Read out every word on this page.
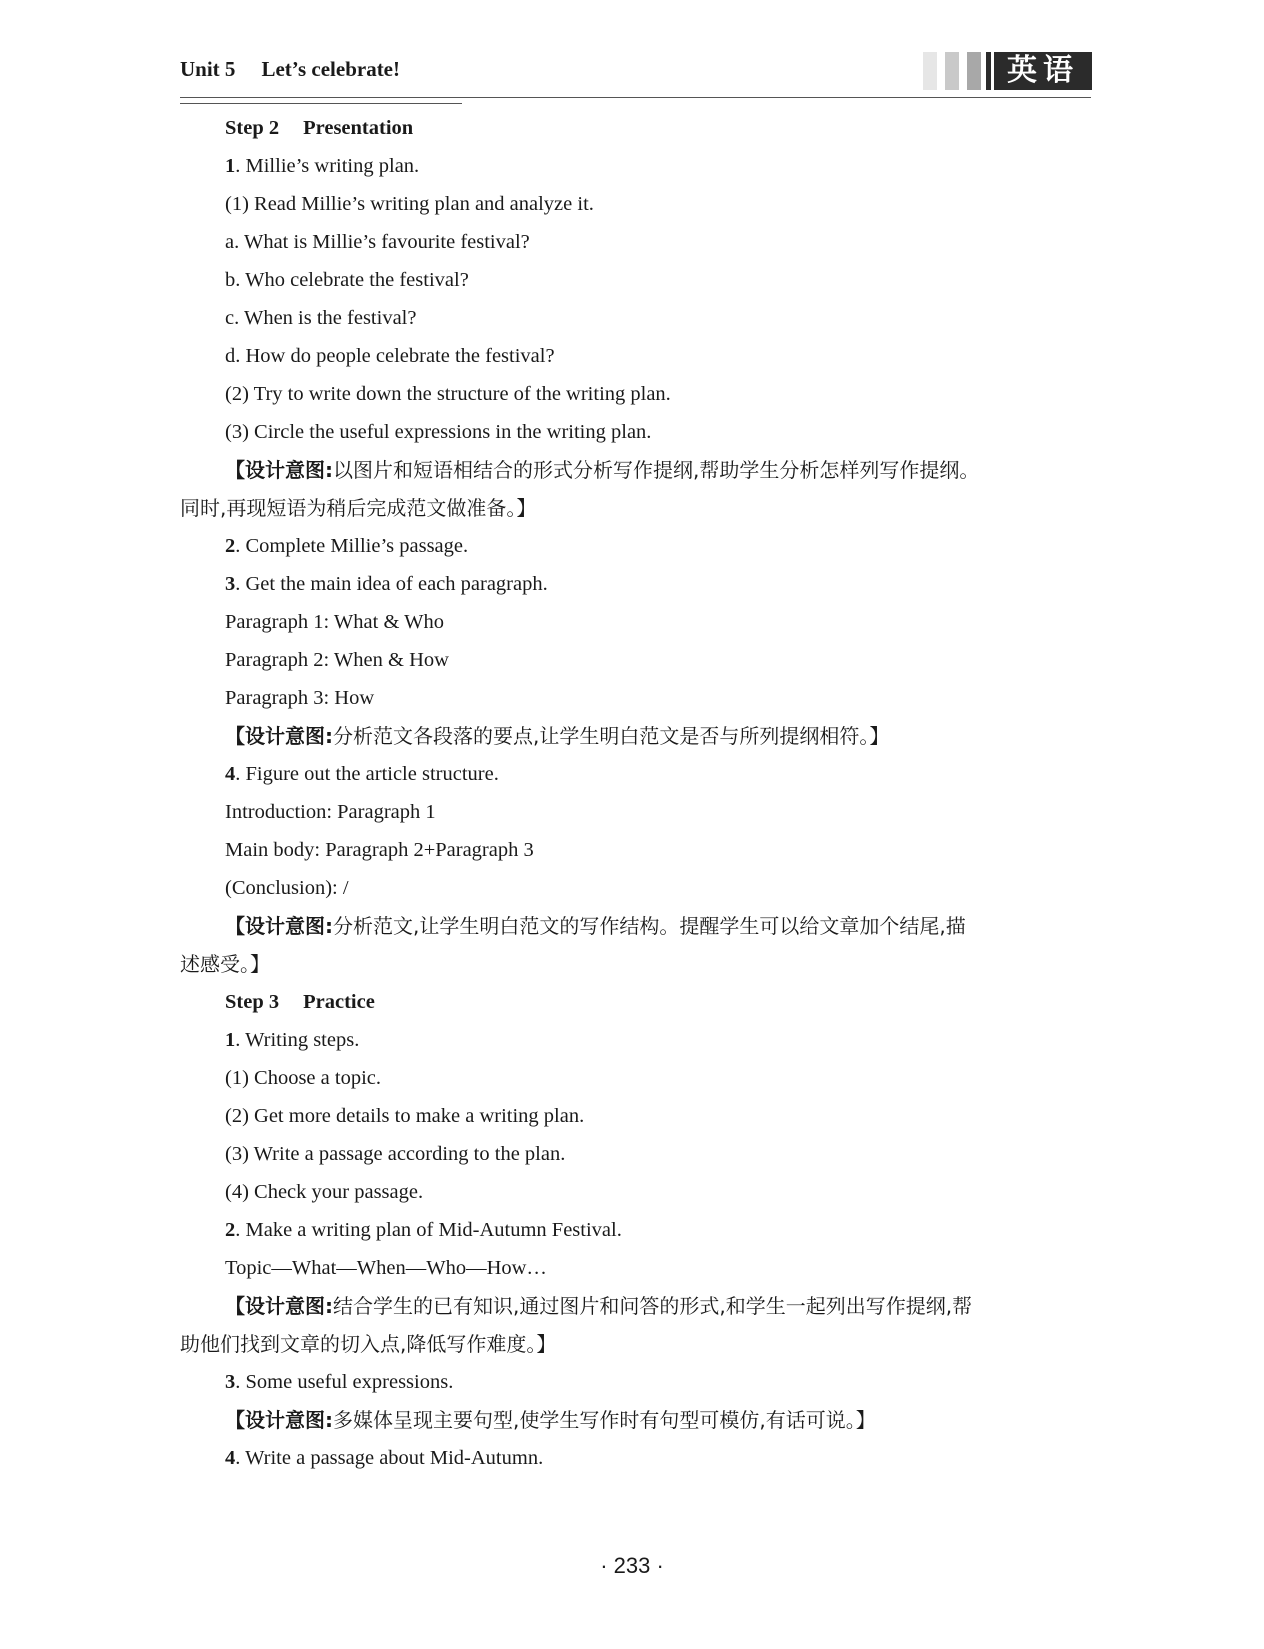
Unit 5 Let’s celebrate!	英语
Step 2 Presentation
1. Millie’s writing plan.
(1) Read Millie’s writing plan and analyze it.
a. What is Millie’s favourite festival?
b. Who celebrate the festival?
c. When is the festival?
d. How do people celebrate the festival?
(2) Try to write down the structure of the writing plan.
(3) Circle the useful expressions in the writing plan.
【设计意图:以图片和短语相结合的形式分析写作提纲,帮助学生分析怎样列写作提纲。
同时,再现短语为稍后完成范文做准备。】
2. Complete Millie’s passage.
3. Get the main idea of each paragraph.
Paragraph 1: What & Who
Paragraph 2: When & How
Paragraph 3: How
【设计意图:分析范文各段落的要点,让学生明白范文是否与所列提纲相符。】
4. Figure out the article structure.
Introduction: Paragraph 1
Main body: Paragraph 2+Paragraph 3
(Conclusion): /
【设计意图:分析范文,让学生明白范文的写作结构。提醒学生可以给文章加个结尾,描
述感受。】
Step 3 Practice
1. Writing steps.
(1) Choose a topic.
(2) Get more details to make a writing plan.
(3) Write a passage according to the plan.
(4) Check your passage.
2. Make a writing plan of Mid-Autumn Festival.
Topic—What—When—Who—How…
【设计意图:结合学生的已有知识,通过图片和问答的形式,和学生一起列出写作提纲,帮
助他们找到文章的切入点,降低写作难度。】
3. Some useful expressions.
【设计意图:多媒体呈现主要句型,使学生写作时有句型可模仿,有话可说。】
4. Write a passage about Mid-Autumn.
· 233 ·
